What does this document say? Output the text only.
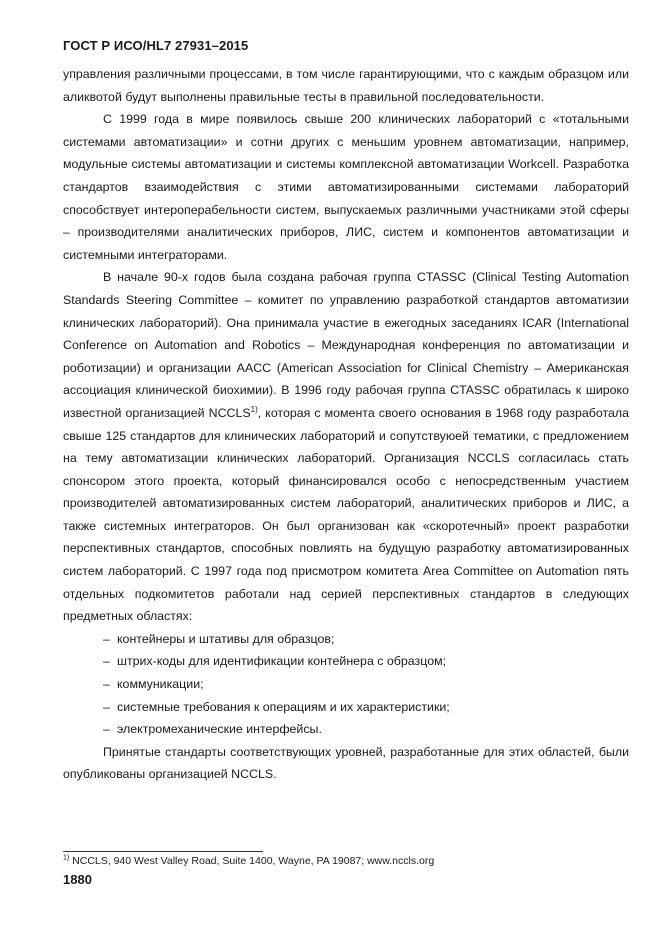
ГОСТ Р ИСО/HL7 27931–2015

управления различными процессами, в том числе гарантирующими, что с каждым образцом или аликвотой будут выполнены правильные тесты в правильной последовательности.

С 1999 года в мире появилось свыше 200 клинических лабораторий с «тотальными системами автоматизации» и сотни других с меньшим уровнем автоматизации, например, модульные системы автоматизации и системы комплексной автоматизации Workcell. Разработка стандартов взаимодействия с этими автоматизированными системами лабораторий способствует интероперабельности систем, выпускаемых различными участниками этой сферы – производителями аналитических приборов, ЛИС, систем и компонентов автоматизации и системными интеграторами.

В начале 90-х годов была создана рабочая группа CTASSC (Clinical Testing Automation Standards Steering Committee – комитет по управлению разработкой стандартов автоматизии клинических лабораторий). Она принимала участие в ежегодных заседаниях ICAR (International Conference on Automation and Robotics – Международная конференция по автоматизации и роботизации) и организации AACC (American Association for Clinical Chemistry – Американская ассоциация клинической биохимии). В 1996 году рабочая группа CTASSC обратилась к широко известной организацией NCCLS$^{1)}$, которая с момента своего основания в 1968 году разработала свыше 125 стандартов для клинических лабораторий и сопутствуюей тематики, с предложением на тему автоматизации клинических лабораторий. Организация NCCLS согласилась стать спонсором этого проекта, который финансировался особо с непосредственным участием производителей автоматизированных систем лабораторий, аналитических приборов и ЛИС, а также системных интеграторов. Он был организован как «скоротечный» проект разработки перспективных стандартов, способных повлиять на будущую разработку автоматизированных систем лабораторий. С 1997 года под присмотром комитета Area Committee on Automation пять отдельных подкомитетов работали над серией перспективных стандартов в следующих предметных областях:

– контейнеры и штативы для образцов;
– штрих-коды для идентификации контейнера с образцом;
– коммуникации;
– системные требования к операциям и их характеристики;
– электромеханические интерфейсы.

Принятые стандарты соответствующих уровней, разработанные для этих областей, были опубликованы организацией NCCLS.

$^{1)}$ NCCLS, 940 West Valley Road, Suite 1400, Wayne, PA 19087; www.nccls.org
1880
